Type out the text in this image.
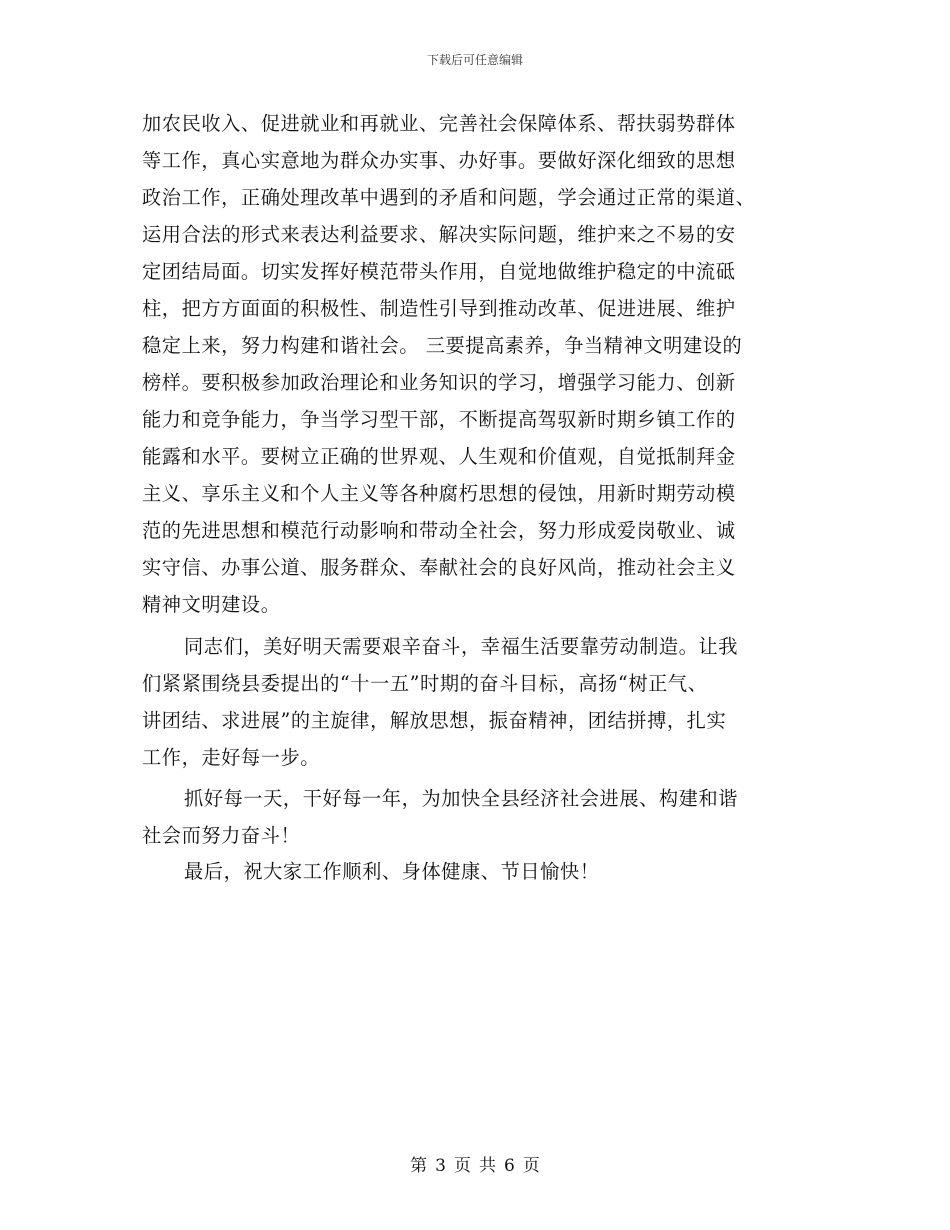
下载后可任意编辑
加农民收入、促进就业和再就业、完善社会保障体系、帮扶弱势群体
等工作，真心实意地为群众办实事、办好事。要做好深化细致的思想
政治工作，正确处理改革中遇到的矛盾和问题，学会通过正常的渠道、
运用合法的形式来表达利益要求、解决实际问题，维护来之不易的安
定团结局面。切实发挥好模范带头作用，自觉地做维护稳定的中流砥
柱，把方方面面的积极性、制造性引导到推动改革、促进进展、维护
稳定上来，努力构建和谐社会。 三要提高素养，争当精神文明建设的
榜样。要积极参加政治理论和业务知识的学习，增强学习能力、创新
能力和竞争能力，争当学习型干部，不断提高驾驭新时期乡镇工作的
能露和水平。要树立正确的世界观、人生观和价值观，自觉抵制拜金
主义、享乐主义和个人主义等各种腐朽思想的侵蚀，用新时期劳动模
范的先进思想和模范行动影响和带动全社会，努力形成爱岗敬业、诚
实守信、办事公道、服务群众、奉献社会的良好风尚，推动社会主义
精神文明建设。
同志们，美好明天需要艰辛奋斗，幸福生活要靠劳动制造。让我
们紧紧围绕县委提出的“十一五”时期的奋斗目标，高扬“树正气、
讲团结、求进展”的主旋律，解放思想，振奋精神，团结拼搏，扎实
工作，走好每一步。
抓好每一天，干好每一年，为加快全县经济社会进展、构建和谐
社会而努力奋斗！
最后，祝大家工作顺利、身体健康、节日愉快！
第 3 页 共 6 页
